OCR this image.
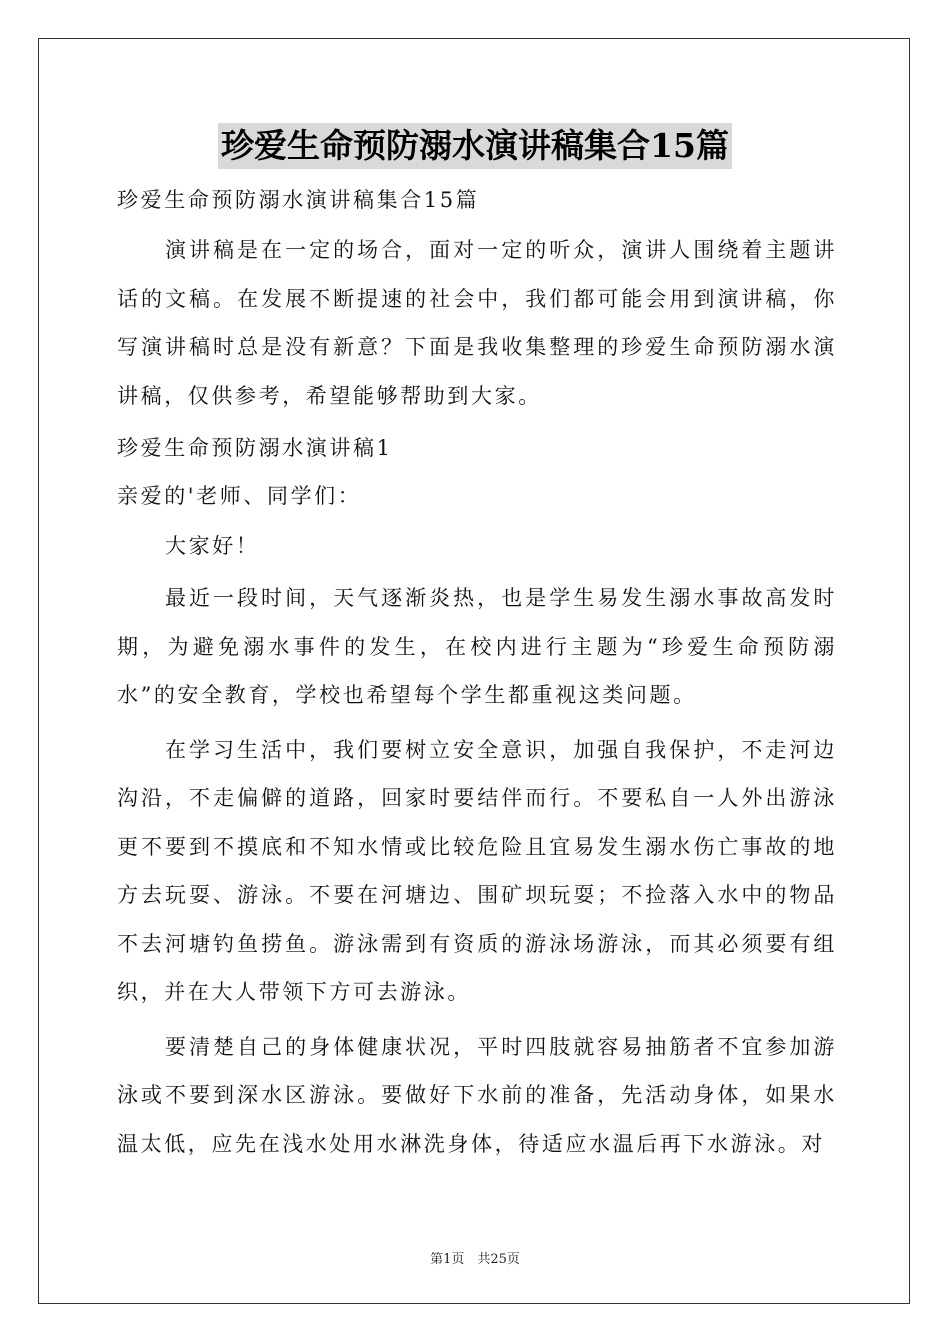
珍爱生命预防溺水演讲稿集合15篇

珍爱生命预防溺水演讲稿集合15篇

演讲稿是在一定的场合，面对一定的听众，演讲人围绕着主题讲话的文稿。在发展不断提速的社会中，我们都可能会用到演讲稿，你写演讲稿时总是没有新意？下面是我收集整理的珍爱生命预防溺水演讲稿，仅供参考，希望能够帮助到大家。

珍爱生命预防溺水演讲稿1

亲爱的'老师、同学们：

大家好！

最近一段时间，天气逐渐炎热，也是学生易发生溺水事故高发时期，为避免溺水事件的发生，在校内进行主题为“珍爱生命预防溺水”的安全教育，学校也希望每个学生都重视这类问题。

在学习生活中，我们要树立安全意识，加强自我保护，不走河边沟沿，不走偏僻的道路，回家时要结伴而行。不要私自一人外出游泳更不要到不摸底和不知水情或比较危险且宜易发生溺水伤亡事故的地方去玩耍、游泳。不要在河塘边、围矿坝玩耍；不捡落入水中的物品不去河塘钓鱼捞鱼。游泳需到有资质的游泳场游泳，而其必须要有组织，并在大人带领下方可去游泳。

要清楚自己的身体健康状况，平时四肢就容易抽筋者不宜参加游泳或不要到深水区游泳。要做好下水前的准备，先活动身体，如果水温太低，应先在浅水处用水淋洗身体，待适应水温后再下水游泳。对

第1页　共25页
